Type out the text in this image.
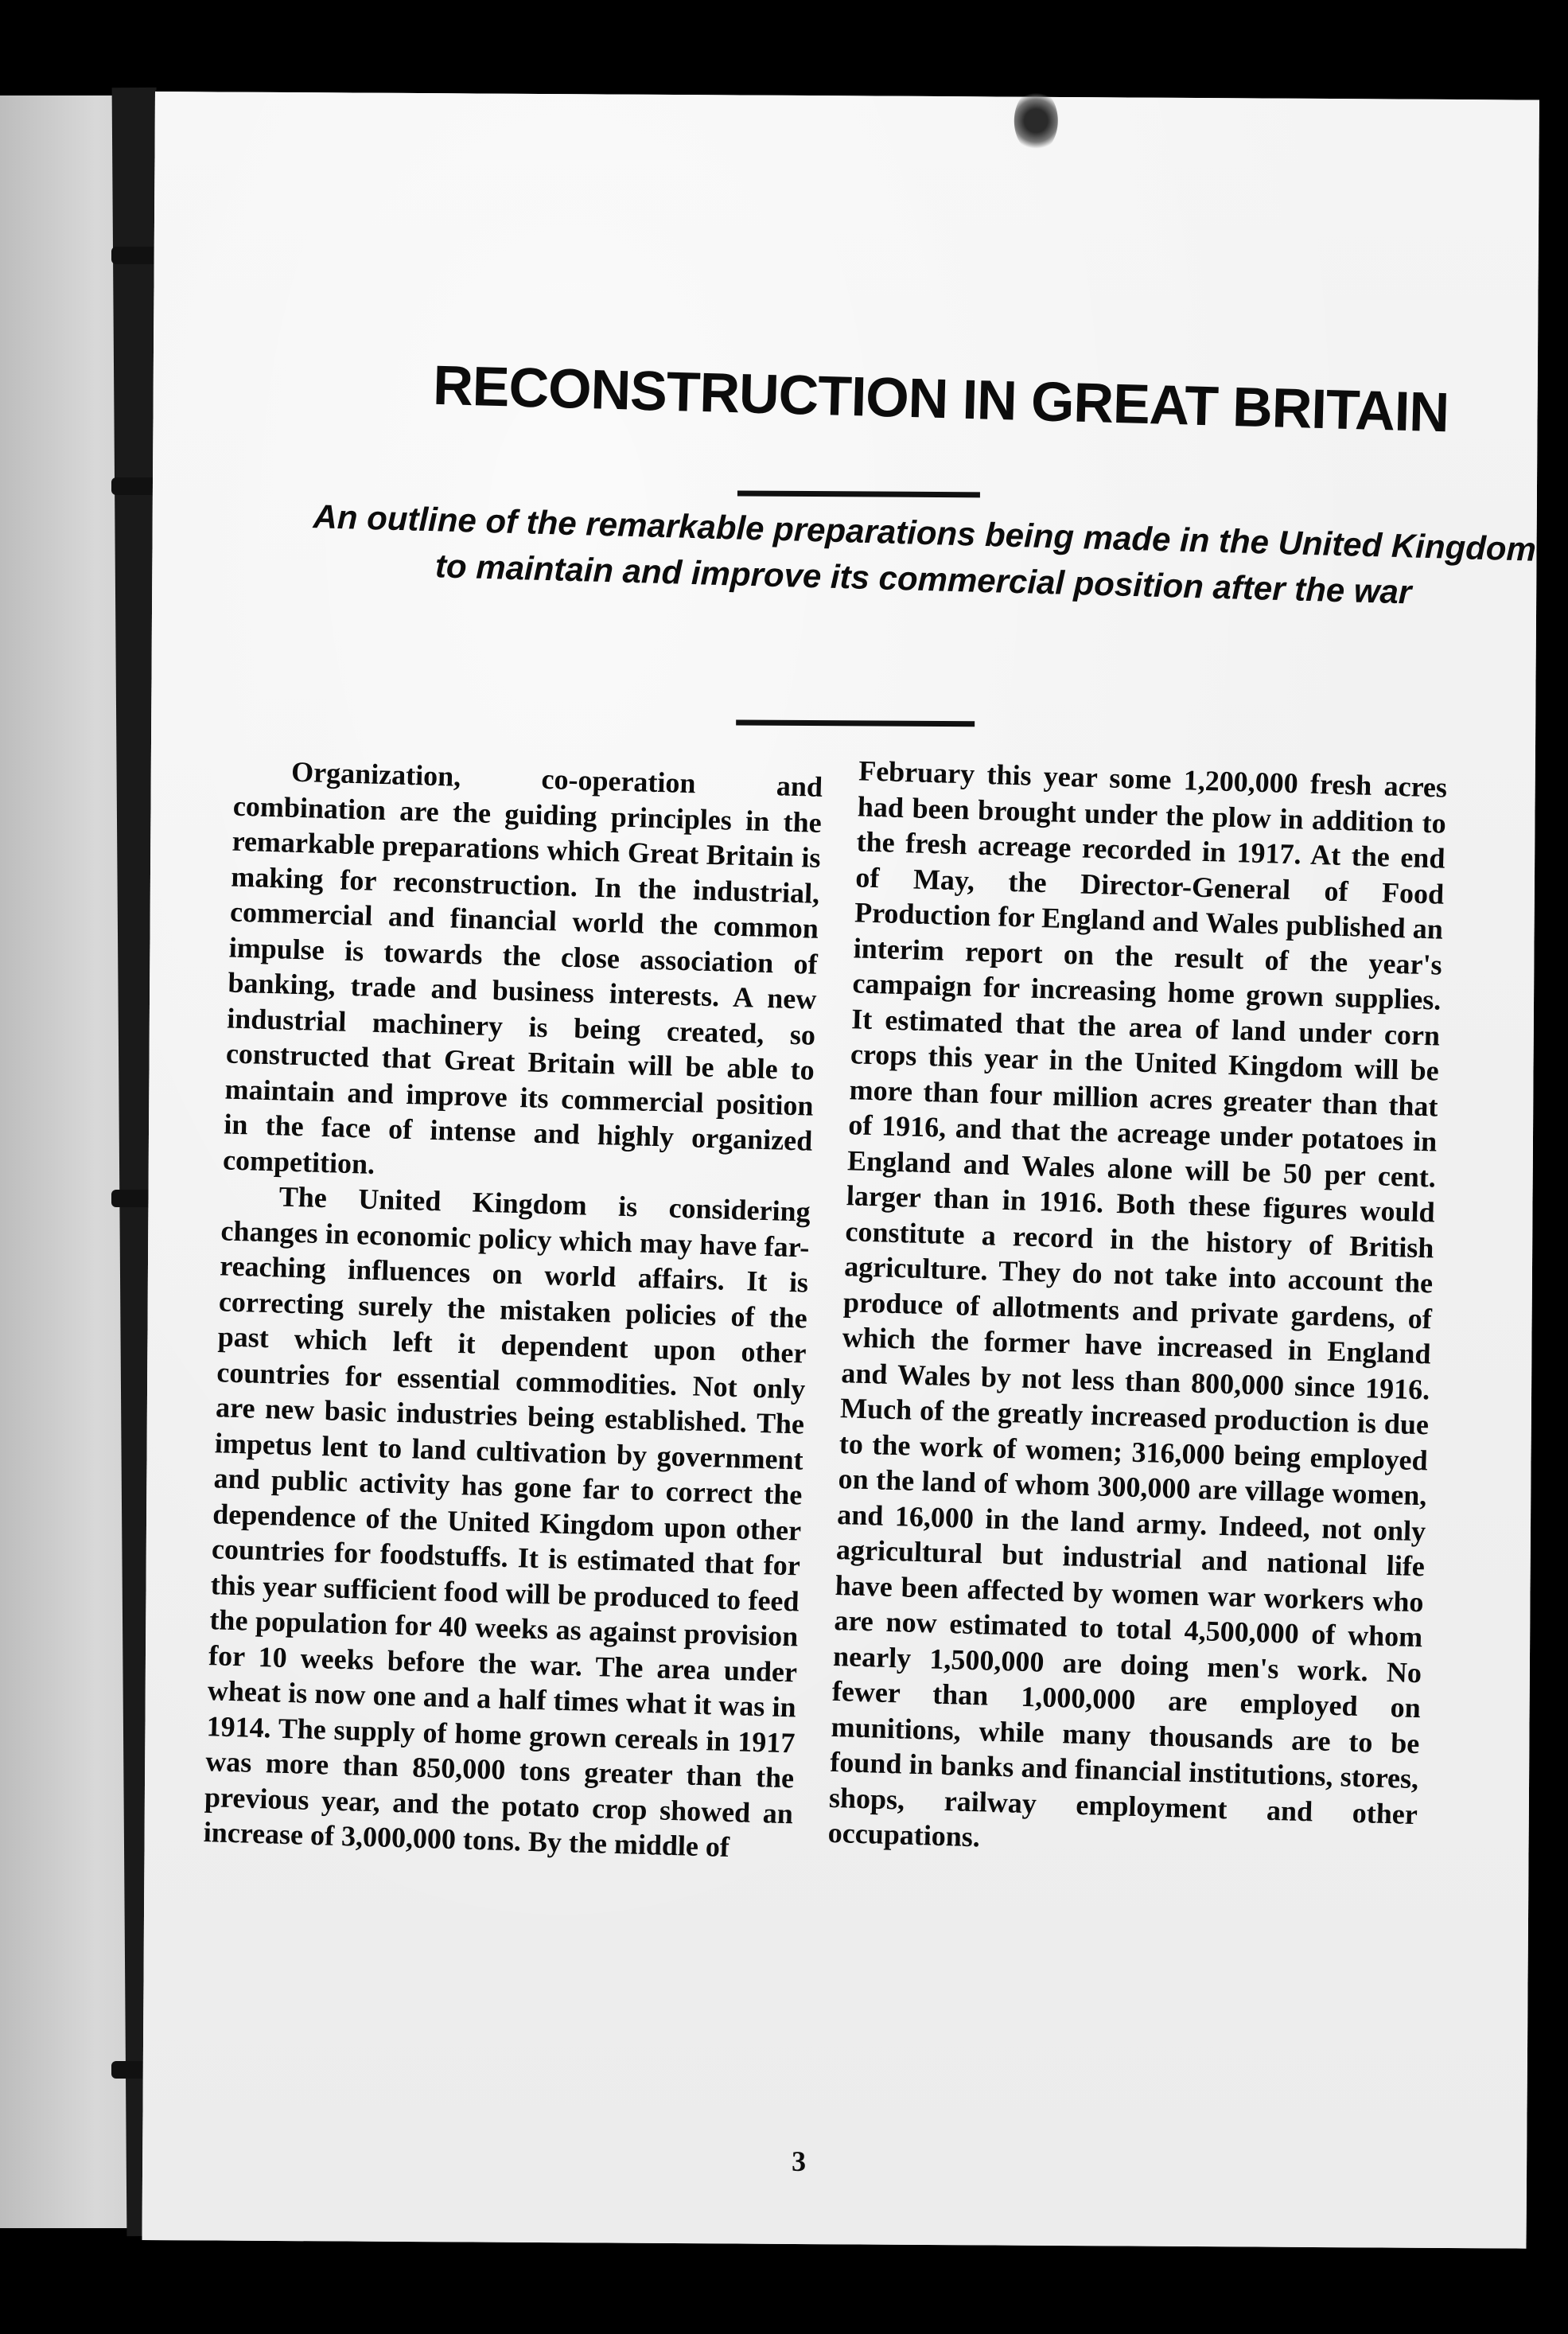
RECONSTRUCTION IN GREAT BRITAIN

An outline of the remarkable preparations being made in the United Kingdom to maintain and improve its commercial position after the war

Organization, co-operation and combination are the guiding principles in the remarkable preparations which Great Britain is making for reconstruction. In the industrial, commercial and financial world the common impulse is towards the close association of banking, trade and business interests. A new industrial machinery is being created, so constructed that Great Britain will be able to maintain and improve its commercial position in the face of intense and highly organized competition.

The United Kingdom is considering changes in economic policy which may have far-reaching influences on world affairs. It is correcting surely the mistaken policies of the past which left it dependent upon other countries for essential commodities. Not only are new basic industries being established. The impetus lent to land cultivation by government and public activity has gone far to correct the dependence of the United Kingdom upon other countries for foodstuffs. It is estimated that for this year sufficient food will be produced to feed the population for 40 weeks as against provision for 10 weeks before the war. The area under wheat is now one and a half times what it was in 1914. The supply of home grown cereals in 1917 was more than 850,000 tons greater than the previous year, and the potato crop showed an increase of 3,000,000 tons. By the middle of

February this year some 1,200,000 fresh acres had been brought under the plow in addition to the fresh acreage recorded in 1917. At the end of May, the Director-General of Food Production for England and Wales published an interim report on the result of the year's campaign for increasing home grown supplies. It estimated that the area of land under corn crops this year in the United Kingdom will be more than four million acres greater than that of 1916, and that the acreage under potatoes in England and Wales alone will be 50 per cent. larger than in 1916. Both these figures would constitute a record in the history of British agriculture. They do not take into account the produce of allotments and private gardens, of which the former have increased in England and Wales by not less than 800,000 since 1916. Much of the greatly increased production is due to the work of women; 316,000 being employed on the land of whom 300,000 are village women, and 16,000 in the land army. Indeed, not only agricultural but industrial and national life have been affected by women war workers who are now estimated to total 4,500,000 of whom nearly 1,500,000 are doing men's work. No fewer than 1,000,000 are employed on munitions, while many thousands are to be found in banks and financial institutions, stores, shops, railway employment and other occupations.

3
